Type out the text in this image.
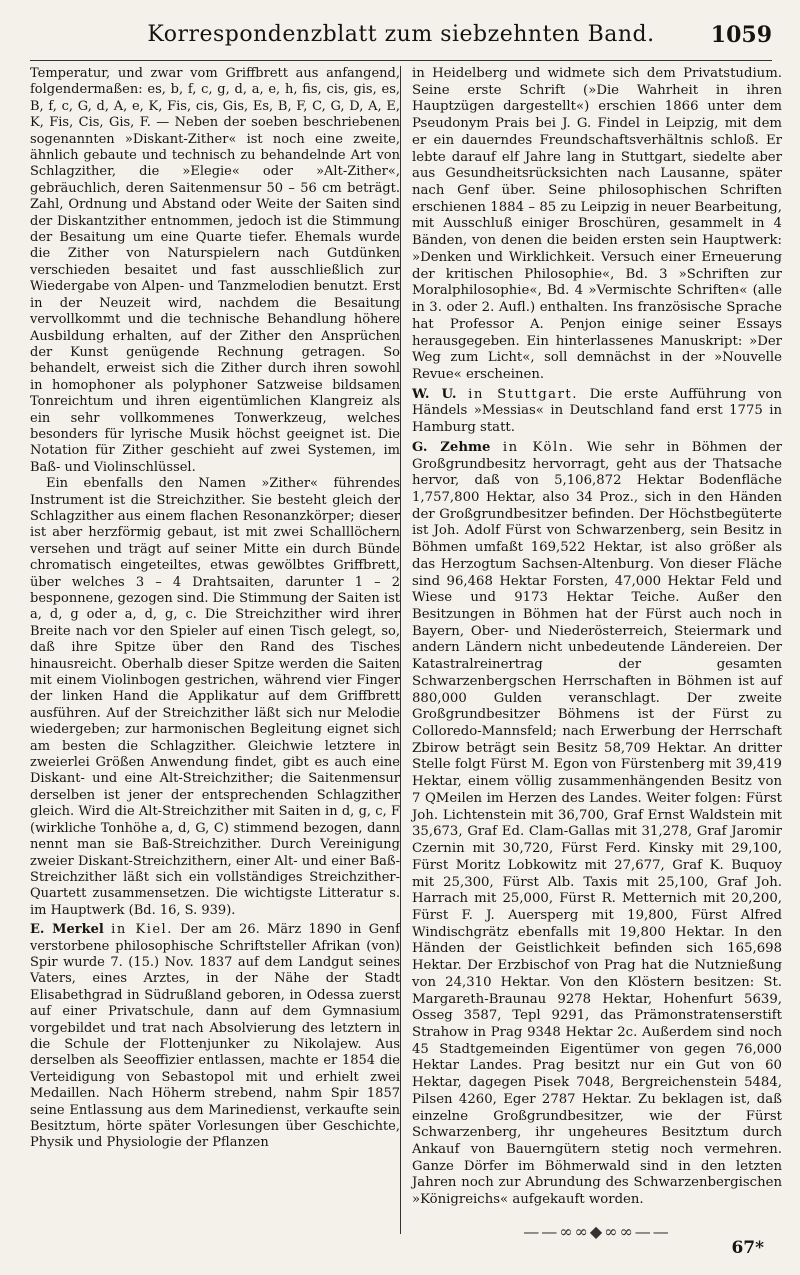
Korrespondenzblatt zum siebzehnten Band.	1059

Temperatur, und zwar vom Griffbrett aus anfangend, folgendermaßen: es, b, f, c, g, d, a, e, h, fis, cis, gis, es, B, f, c, G, d, A, e, K, Fis, cis, Gis, Es, B, F, C, G, D, A, E, K, Fis, Cis, Gis, F. — Neben der soeben beschriebenen sogenannten »Diskant-Zither« ist noch eine zweite, ähnlich gebaute und technisch zu behandelnde Art von Schlagzither, die »Elegie« oder »Alt-Zither«, gebräuchlich, deren Saitenmensur 50 – 56 cm beträgt. Zahl, Ordnung und Abstand oder Weite der Saiten sind der Diskantzither entnommen, jedoch ist die Stimmung der Besaitung um eine Quarte tiefer. Ehemals wurde die Zither von Naturspielern nach Gutdünken verschieden besaitet und fast ausschließlich zur Wiedergabe von Alpen- und Tanzmelodien benutzt. Erst in der Neuzeit wird, nachdem die Besaitung vervollkommt und die technische Behandlung höhere Ausbildung erhalten, auf der Zither den Ansprüchen der Kunst genügende Rechnung getragen. So behandelt, erweist sich die Zither durch ihren sowohl in homophoner als polyphoner Satzweise bildsamen Tonreichtum und ihren eigentümlichen Klangreiz als ein sehr vollkommenes Tonwerkzeug, welches besonders für lyrische Musik höchst geeignet ist. Die Notation für Zither geschieht auf zwei Systemen, im Baß- und Violinschlüssel.

Ein ebenfalls den Namen »Zither« führendes Instrument ist die Streichzither. Sie besteht gleich der Schlagzither aus einem flachen Resonanzkörper; dieser ist aber herzförmig gebaut, ist mit zwei Schalllöchern versehen und trägt auf seiner Mitte ein durch Bünde chromatisch eingeteiltes, etwas gewölbtes Griffbrett, über welches 3 – 4 Drahtsaiten, darunter 1 – 2 besponnene, gezogen sind. Die Stimmung der Saiten ist a, d, g oder a, d, g, c. Die Streichzither wird ihrer Breite nach vor den Spieler auf einen Tisch gelegt, so, daß ihre Spitze über den Rand des Tisches hinausreicht. Oberhalb dieser Spitze werden die Saiten mit einem Violinbogen gestrichen, während vier Finger der linken Hand die Applikatur auf dem Griffbrett ausführen. Auf der Streichzither läßt sich nur Melodie wiedergeben; zur harmonischen Begleitung eignet sich am besten die Schlagzither. Gleichwie letztere in zweierlei Größen Anwendung findet, gibt es auch eine Diskant- und eine Alt-Streichzither; die Saitenmensur derselben ist jener der entsprechenden Schlagzither gleich. Wird die Alt-Streichzither mit Saiten in d, g, c, F (wirkliche Tonhöhe a, d, G, C) stimmend bezogen, dann nennt man sie Baß-Streichzither. Durch Vereinigung zweier Diskant-Streichzithern, einer Alt- und einer Baß-Streichzither läßt sich ein vollständiges Streichzither-Quartett zusammensetzen. Die wichtigste Litteratur s. im Hauptwerk (Bd. 16, S. 939).

E. Merkel in Kiel. Der am 26. März 1890 in Genf verstorbene philosophische Schriftsteller Afrikan (von) Spir wurde 7. (15.) Nov. 1837 auf dem Landgut seines Vaters, eines Arztes, in der Nähe der Stadt Elisabethgrad in Südrußland geboren, in Odessa zuerst auf einer Privatschule, dann auf dem Gymnasium vorgebildet und trat nach Absolvierung des letztern in die Schule der Flottenjunker zu Nikolajew. Aus derselben als Seeoffizier entlassen, machte er 1854 die Verteidigung von Sebastopol mit und erhielt zwei Medaillen. Nach Höherm strebend, nahm Spir 1857 seine Entlassung aus dem Marinedienst, verkaufte sein Besitztum, hörte später Vorlesungen über Geschichte, Physik und Physiologie der Pflanzen

in Heidelberg und widmete sich dem Privatstudium. Seine erste Schrift (»Die Wahrheit in ihren Hauptzügen dargestellt«) erschien 1866 unter dem Pseudonym Prais bei J. G. Findel in Leipzig, mit dem er ein dauerndes Freundschaftsverhältnis schloß. Er lebte darauf elf Jahre lang in Stuttgart, siedelte aber aus Gesundheitsrücksichten nach Lausanne, später nach Genf über. Seine philosophischen Schriften erschienen 1884 – 85 zu Leipzig in neuer Bearbeitung, mit Ausschluß einiger Broschüren, gesammelt in 4 Bänden, von denen die beiden ersten sein Hauptwerk: »Denken und Wirklichkeit. Versuch einer Erneuerung der kritischen Philosophie«, Bd. 3 »Schriften zur Moralphilosophie«, Bd. 4 »Vermischte Schriften« (alle in 3. oder 2. Aufl.) enthalten. Ins französische Sprache hat Professor A. Penjon einige seiner Essays herausgegeben. Ein hinterlassenes Manuskript: »Der Weg zum Licht«, soll demnächst in der »Nouvelle Revue« erscheinen.

W. U. in Stuttgart. Die erste Aufführung von Händels »Messias« in Deutschland fand erst 1775 in Hamburg statt.

G. Zehme in Köln. Wie sehr in Böhmen der Großgrundbesitz hervorragt, geht aus der Thatsache hervor, daß von 5,106,872 Hektar Bodenfläche 1,757,800 Hektar, also 34 Proz., sich in den Händen der Großgrundbesitzer befinden. Der Höchstbegüterte ist Joh. Adolf Fürst von Schwarzenberg, sein Besitz in Böhmen umfaßt 169,522 Hektar, ist also größer als das Herzogtum Sachsen-Altenburg. Von dieser Fläche sind 96,468 Hektar Forsten, 47,000 Hektar Feld und Wiese und 9173 Hektar Teiche. Außer den Besitzungen in Böhmen hat der Fürst auch noch in Bayern, Ober- und Niederösterreich, Steiermark und andern Ländern nicht unbedeutende Ländereien. Der Katastralreinertrag der gesamten Schwarzenbergschen Herrschaften in Böhmen ist auf 880,000 Gulden veranschlagt. Der zweite Großgrundbesitzer Böhmens ist der Fürst zu Colloredo-Mannsfeld; nach Erwerbung der Herrschaft Zbirow beträgt sein Besitz 58,709 Hektar. An dritter Stelle folgt Fürst M. Egon von Fürstenberg mit 39,419 Hektar, einem völlig zusammenhängenden Besitz von 7 QMeilen im Herzen des Landes. Weiter folgen: Fürst Joh. Lichtenstein mit 36,700, Graf Ernst Waldstein mit 35,673, Graf Ed. Clam-Gallas mit 31,278, Graf Jaromir Czernin mit 30,720, Fürst Ferd. Kinsky mit 29,100, Fürst Moritz Lobkowitz mit 27,677, Graf K. Buquoy mit 25,300, Fürst Alb. Taxis mit 25,100, Graf Joh. Harrach mit 25,000, Fürst R. Metternich mit 20,200, Fürst F. J. Auersperg mit 19,800, Fürst Alfred Windischgrätz ebenfalls mit 19,800 Hektar. In den Händen der Geistlichkeit befinden sich 165,698 Hektar. Der Erzbischof von Prag hat die Nutznießung von 24,310 Hektar. Von den Klöstern besitzen: St. Margareth-Braunau 9278 Hektar, Hohenfurt 5639, Osseg 3587, Tepl 9291, das Prämonstratenserstift Strahow in Prag 9348 Hektar 2c. Außerdem sind noch 45 Stadtgemeinden Eigentümer von gegen 76,000 Hektar Landes. Prag besitzt nur ein Gut von 60 Hektar, dagegen Pisek 7048, Bergreichenstein 5484, Pilsen 4260, Eger 2787 Hektar. Zu beklagen ist, daß einzelne Großgrundbesitzer, wie der Fürst Schwarzenberg, ihr ungeheures Besitztum durch Ankauf von Bauerngütern stetig noch vermehren. Ganze Dörfer im Böhmerwald sind in den letzten Jahren noch zur Abrundung des Schwarzenbergischen »Königreichs« aufgekauft worden.

——∞∞◆∞∞——
67*
